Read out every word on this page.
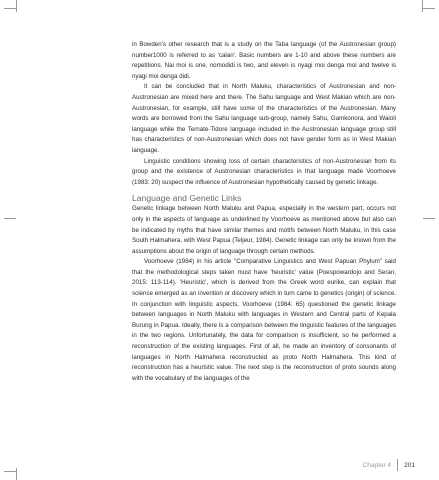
in Bowden's other research that is a study on the Taba language (of the Austronesian group) number1000 is referred to as 'calan'. Basic numbers are 1-10 and above these numbers are repetitions. Nai moi is one, nomodidi is two, and eleven is nyagi moi denga moi and twelve is nyagi moi denga didi.

It can be concluded that in North Maluku, characteristics of Austronesian and non-Austronesian are mixed here and there. The Sahu language and West Makian which are non-Austronesian, for example, still have some of the characteristics of the Austronesian. Many words are borrowed from the Sahu language sub-group, namely Sahu, Gamkonora, and Waioli language while the Ternate-Tidore language included in the Austronesian language group still has characteristics of non-Austronesian which does not have gender form as in West Makian language.

Linguistic conditions showing loss of certain characteristics of non-Austronesian from its group and the existence of Austronesian characteristics in that language made Voorhoeve (1983: 20) suspect the influence of Austronesian hypothetically caused by genetic linkage.

Language and Genetic Links

Genetic linkage between North Maluku and Papua, especially in the western part, occurs not only in the aspects of language as underlined by Voorhoeve as mentioned above but also can be indicated by myths that have similar themes and motifs between North Maluku, in this case South Halmahera, with West Papua (Teljeur, 1984). Genetic linkage can only be known from the assumptions about the origin of language through certain methods.

Voorhoeve (1984) in his article "Comparative Linguistics and West Papuan Phylum" said that the methodological steps taken must have 'heuristic' value (Poespowardojo and Seran, 2015: 113-114). 'Heuristic', which is derived from the Greek word eurike, can explain that science emerged as an invention or discovery which in turn came to genetics (origin) of science. In conjunction with linguistic aspects, Voorhoeve (1984: 65) questioned the genetic linkage between languages in North Maluku with languages in Western and Central parts of Kepala Burung in Papua. Ideally, there is a comparison between the linguistic features of the languages in the two regions. Unfortunately, the data for comparison is insufficient, so he performed a reconstruction of the existing languages. First of all, he made an inventory of consonants of languages in North Halmahera reconstructed as proto North Halmahera. This kind of reconstruction has a heuristic value. The next step is the reconstruction of proto sounds along with the vocabulary of the languages of the

Chapter 4 201
